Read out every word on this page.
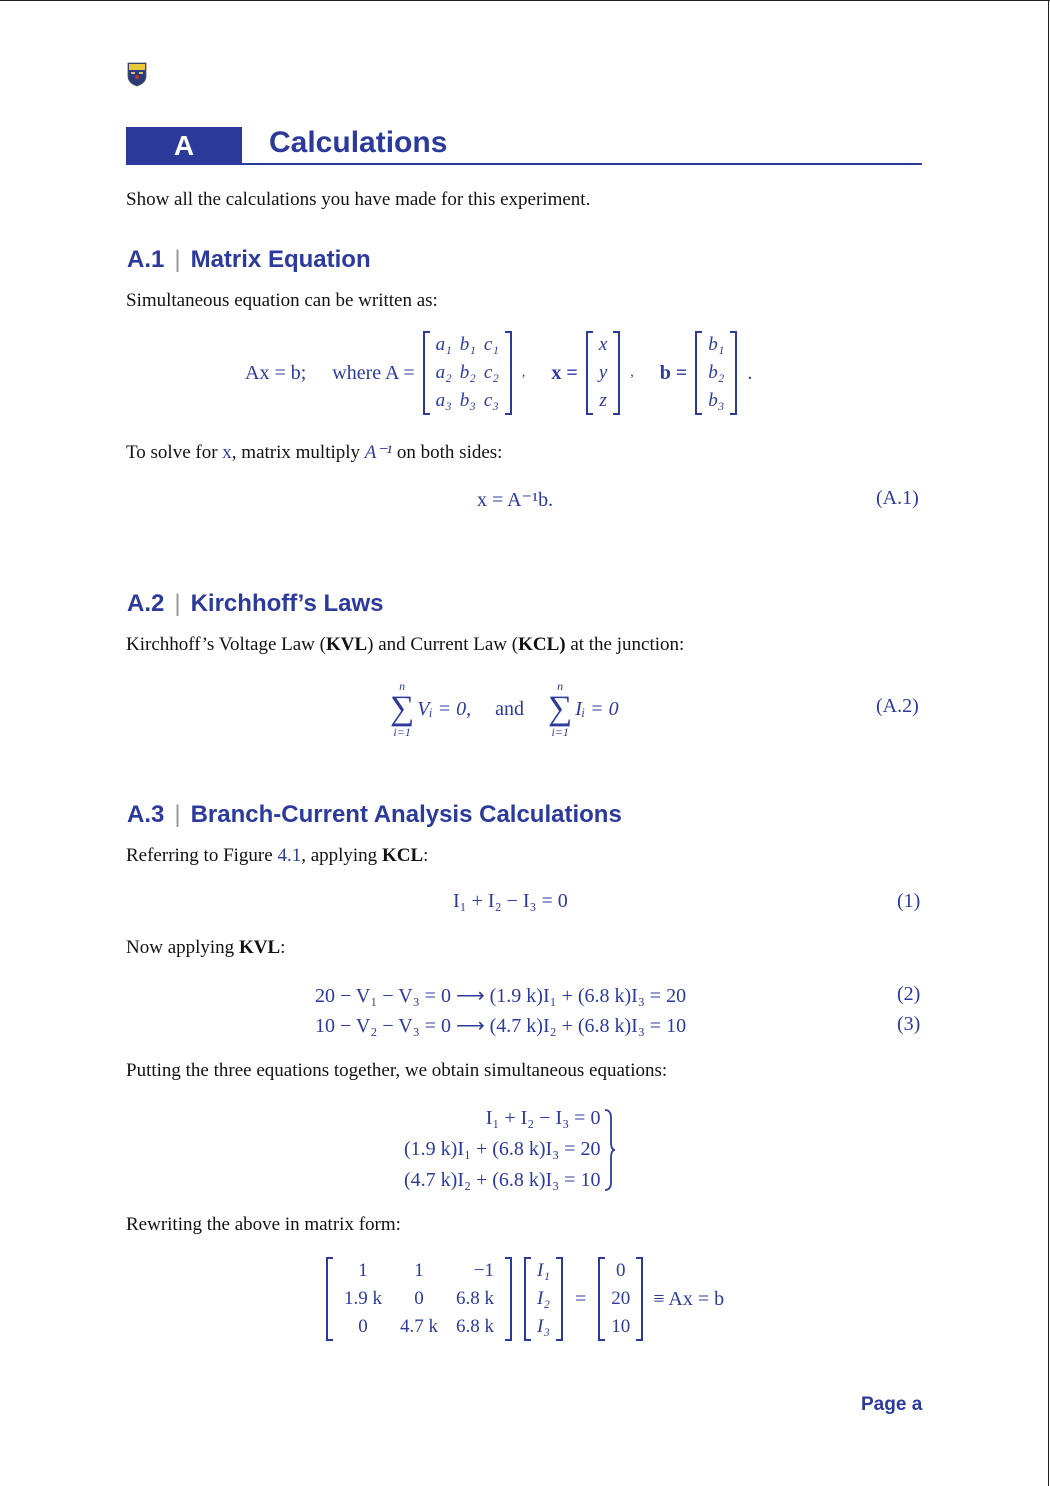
A Calculations
Show all the calculations you have made for this experiment.
A.1 | Matrix Equation
Simultaneous equation can be written as:
Ax = b; where A =
a₁	b₁	c₁
a₂	b₂	c₂
a₃	b₃	c₃
, x =
x
y
z
, b =
b₁
b₂
b₃
.
To solve for x, matrix multiply A⁻¹ on both sides:
x = A⁻¹b.	(A.1)
A.2 | Kirchhoff’s Laws
Kirchhoff’s Voltage Law (KVL) and Current Law (KCL) at the junction:
n
∑
i=1
Vᵢ = 0, and
n
∑
i=1
Iᵢ = 0	(A.2)
A.3 | Branch-Current Analysis Calculations
Referring to Figure 4.1, applying KCL:
I₁ + I₂ − I₃ = 0	(1)
Now applying KVL:
20 − V₁ − V₃ = 0 ⟶ (1.9 k)I₁ + (6.8 k)I₃ = 20	(2)
10 − V₂ − V₃ = 0 ⟶ (4.7 k)I₂ + (6.8 k)I₃ = 10	(3)
Putting the three equations together, we obtain simultaneous equations:
I₁ + I₂ − I₃ = 0
(1.9 k)I₁ + (6.8 k)I₃ = 20
(4.7 k)I₂ + (6.8 k)I₃ = 10
Rewriting the above in matrix form:
1	1	−1
1.9 k	0	6.8 k
0	4.7 k	6.8 k
I₁
I₂
I₃
=
0
20
10
≡ Ax = b
Page a
